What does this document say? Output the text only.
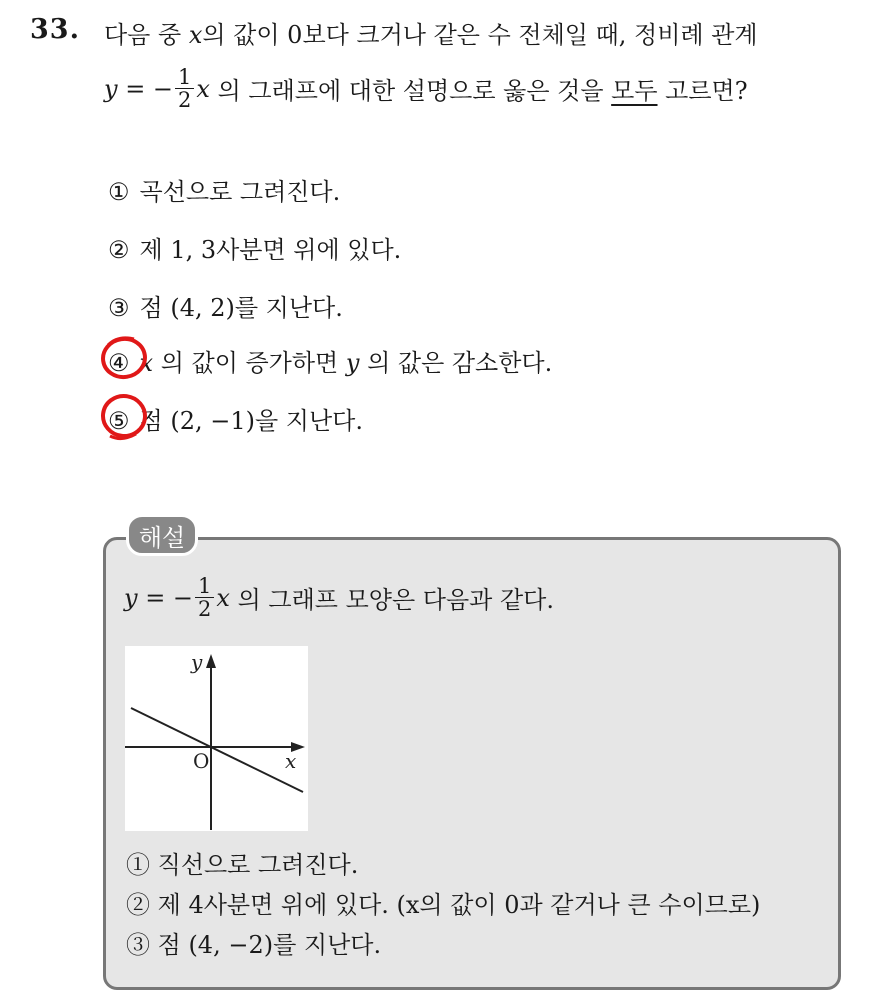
33. 다음 중 x의 값이 0보다 크거나 같은 수 전체일 때, 정비례 관계
y = − $\frac{1}{2}$ x 의 그래프에 대한 설명으로 옳은 것을 모두 고르면?
① 곡선으로 그려진다.
② 제 1, 3사분면 위에 있다.
③ 점 (4, 2)를 지난다.
④ x 의 값이 증가하면 y 의 값은 감소한다.
⑤ 점 (2, −1)을 지난다.
해설
y = − $\frac{1}{2}$ x 의 그래프 모양은 다음과 같다.
y
x
O
① 직선으로 그려진다.
② 제 4사분면 위에 있다. (x의 값이 0과 같거나 큰 수이므로)
③ 점 (4, −2)를 지난다.
